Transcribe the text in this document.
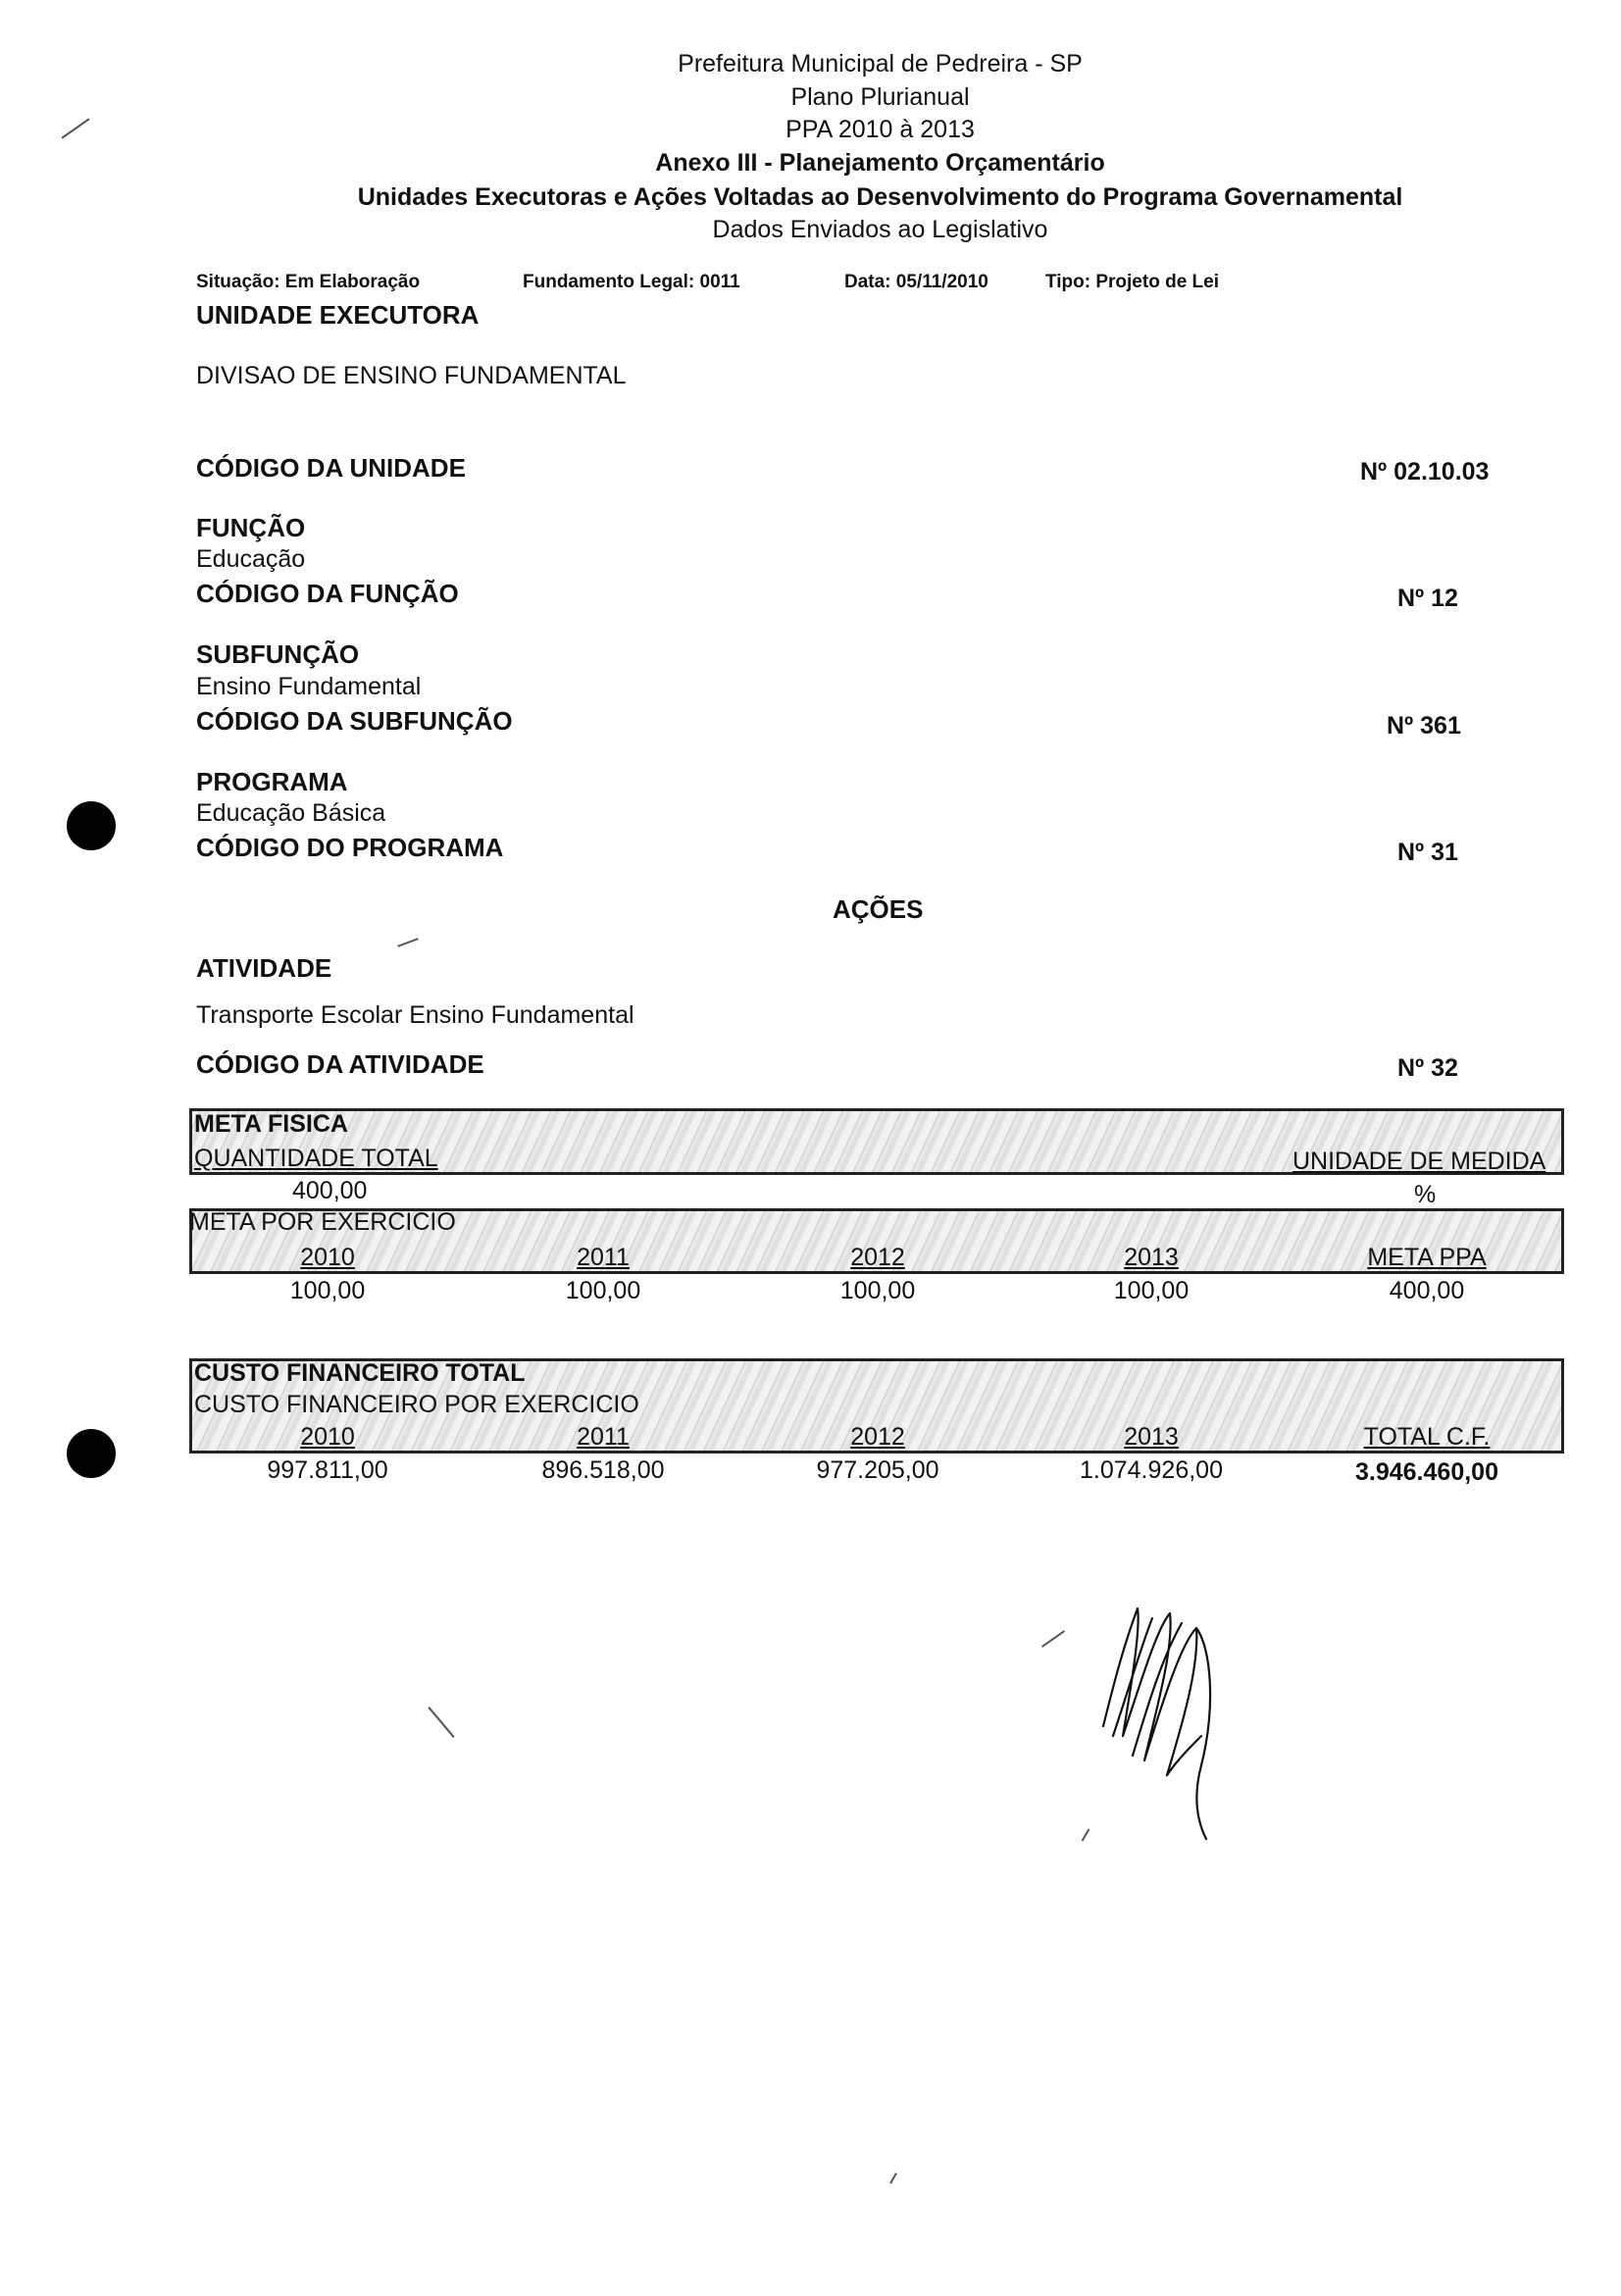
Prefeitura Municipal de Pedreira - SP
Plano Plurianual
PPA 2010 à 2013
Anexo III - Planejamento Orçamentário
Unidades Executoras e Ações Voltadas ao Desenvolvimento do Programa Governamental
Dados Enviados ao Legislativo
Situação: Em Elaboração	Fundamento Legal: 0011	Data: 05/11/2010	Tipo: Projeto de Lei
UNIDADE EXECUTORA
DIVISAO DE ENSINO FUNDAMENTAL
CÓDIGO DA UNIDADE	Nº 02.10.03
FUNÇÃO
Educação
CÓDIGO DA FUNÇÃO	Nº 12
SUBFUNÇÃO
Ensino Fundamental
CÓDIGO DA SUBFUNÇÃO	Nº 361
PROGRAMA
Educação Básica
CÓDIGO DO PROGRAMA	Nº 31
AÇÕES
ATIVIDADE
Transporte Escolar Ensino Fundamental
CÓDIGO DA ATIVIDADE	Nº 32
META FISICA
QUANTIDADE TOTAL	UNIDADE DE MEDIDA
400,00	%
META POR EXERCICIO
2010	2011	2012	2013	META PPA
100,00	100,00	100,00	100,00	400,00
CUSTO FINANCEIRO TOTAL
CUSTO FINANCEIRO POR EXERCICIO
2010	2011	2012	2013	TOTAL C.F.
997.811,00	896.518,00	977.205,00	1.074.926,00	3.946.460,00
